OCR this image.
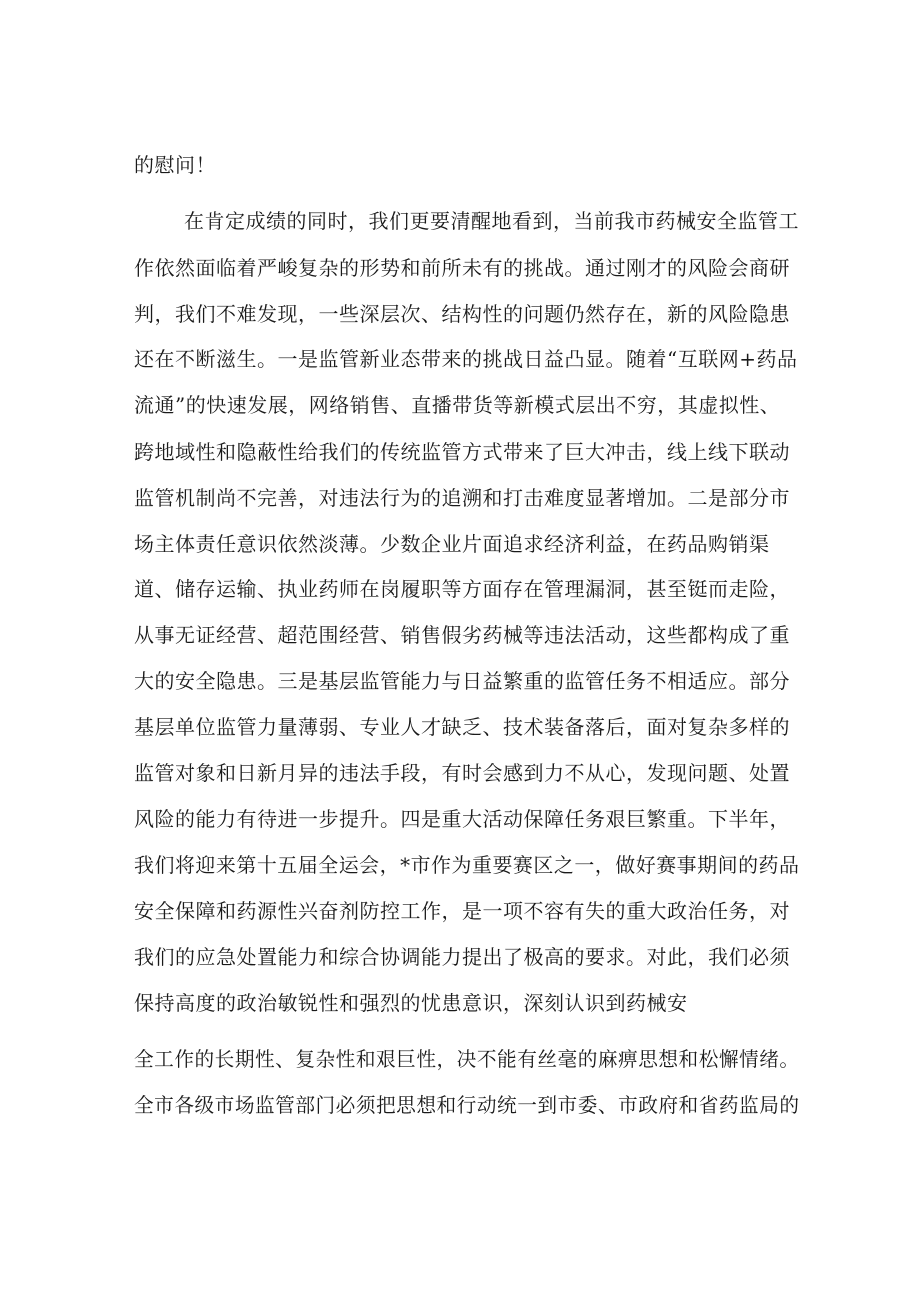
的慰问！
在肯定成绩的同时，我们更要清醒地看到，当前我市药械安全监管工
作依然面临着严峻复杂的形势和前所未有的挑战。通过刚才的风险会商研
判，我们不难发现，一些深层次、结构性的问题仍然存在，新的风险隐患
还在不断滋生。一是监管新业态带来的挑战日益凸显。随着“互联网+药品
流通”的快速发展，网络销售、直播带货等新模式层出不穷，其虚拟性、
跨地域性和隐蔽性给我们的传统监管方式带来了巨大冲击，线上线下联动
监管机制尚不完善，对违法行为的追溯和打击难度显著增加。二是部分市
场主体责任意识依然淡薄。少数企业片面追求经济利益，在药品购销渠
道、储存运输、执业药师在岗履职等方面存在管理漏洞，甚至铤而走险，
从事无证经营、超范围经营、销售假劣药械等违法活动，这些都构成了重
大的安全隐患。三是基层监管能力与日益繁重的监管任务不相适应。部分
基层单位监管力量薄弱、专业人才缺乏、技术装备落后，面对复杂多样的
监管对象和日新月异的违法手段，有时会感到力不从心，发现问题、处置
风险的能力有待进一步提升。四是重大活动保障任务艰巨繁重。下半年，
我们将迎来第十五届全运会，*市作为重要赛区之一，做好赛事期间的药品
安全保障和药源性兴奋剂防控工作，是一项不容有失的重大政治任务，对
我们的应急处置能力和综合协调能力提出了极高的要求。对此，我们必须
保持高度的政治敏锐性和强烈的忧患意识，深刻认识到药械安
全工作的长期性、复杂性和艰巨性，决不能有丝毫的麻痹思想和松懈情绪。
全市各级市场监管部门必须把思想和行动统一到市委、市政府和省药监局的
